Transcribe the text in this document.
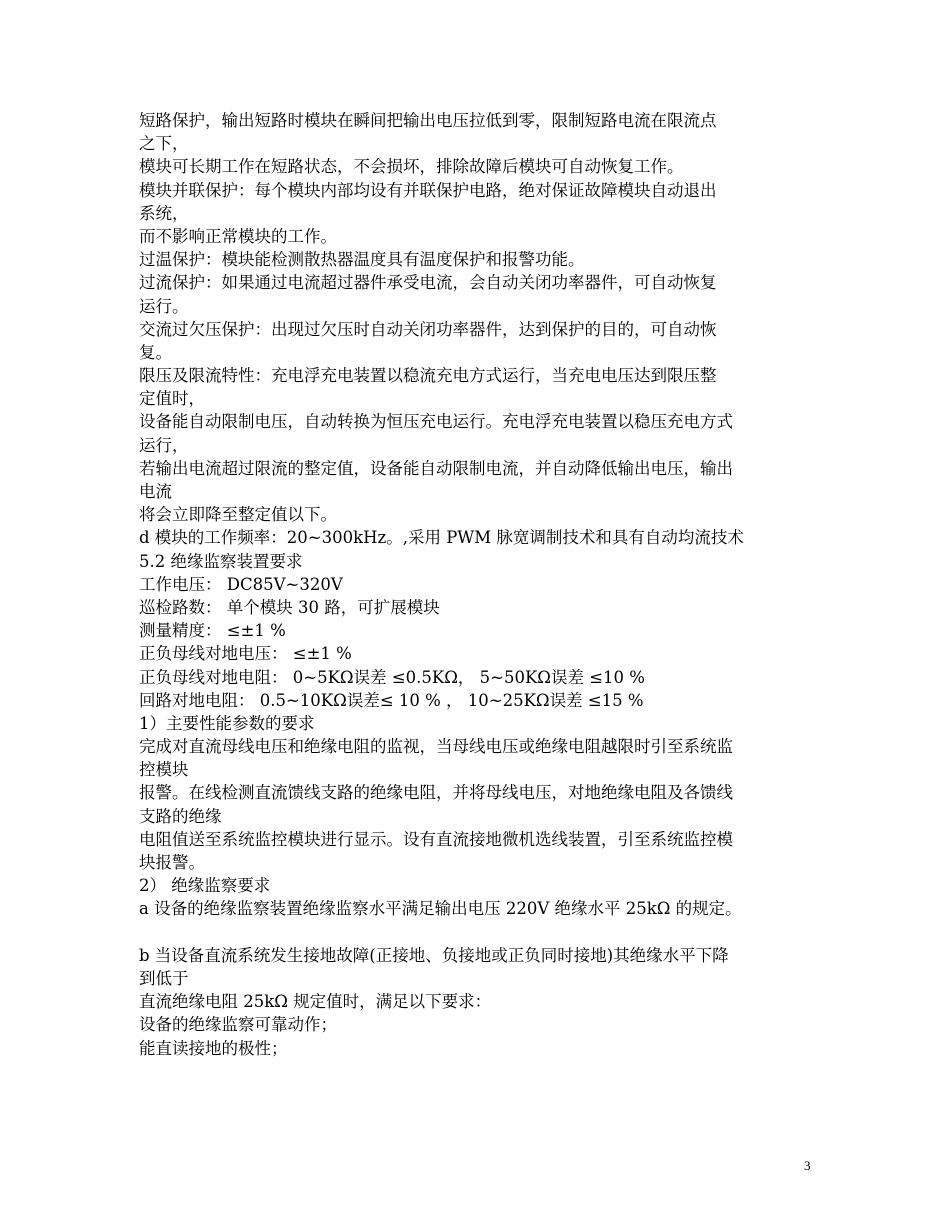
短路保护，输出短路时模块在瞬间把输出电压拉低到零，限制短路电流在限流点
之下，
模块可长期工作在短路状态，不会损坏，排除故障后模块可自动恢复工作。
模块并联保护：每个模块内部均设有并联保护电路，绝对保证故障模块自动退出
系统，
而不影响正常模块的工作。
过温保护：模块能检测散热器温度具有温度保护和报警功能。
过流保护：如果通过电流超过器件承受电流，会自动关闭功率器件，可自动恢复
运行。
交流过欠压保护：出现过欠压时自动关闭功率器件，达到保护的目的，可自动恢
复。
限压及限流特性：充电浮充电装置以稳流充电方式运行，当充电电压达到限压整
定值时，
设备能自动限制电压，自动转换为恒压充电运行。充电浮充电装置以稳压充电方式
运行，
若输出电流超过限流的整定值，设备能自动限制电流，并自动降低输出电压，输出
电流
将会立即降至整定值以下。
d 模块的工作频率：20~300kHz。,采用 PWM 脉宽调制技术和具有自动均流技术
5.2 绝缘监察装置要求
工作电压： DC85V~320V
巡检路数： 单个模块 30 路，可扩展模块
测量精度： ≤±1 %
正负母线对地电压： ≤±1 %
正负母线对地电阻： 0~5KΩ误差 ≤0.5KΩ， 5~50KΩ误差 ≤10 %
回路对地电阻： 0.5~10KΩ误差≤ 10 % ， 10~25KΩ误差 ≤15 %
1）主要性能参数的要求
完成对直流母线电压和绝缘电阻的监视，当母线电压或绝缘电阻越限时引至系统监
控模块
报警。在线检测直流馈线支路的绝缘电阻，并将母线电压，对地绝缘电阻及各馈线
支路的绝缘
电阻值送至系统监控模块进行显示。设有直流接地微机选线装置，引至系统监控模
块报警。
2） 绝缘监察要求
a 设备的绝缘监察装置绝缘监察水平满足输出电压 220V 绝缘水平 25kΩ 的规定。
b 当设备直流系统发生接地故障(正接地、负接地或正负同时接地)其绝缘水平下降
到低于
直流绝缘电阻 25kΩ 规定值时，满足以下要求：
设备的绝缘监察可靠动作；
能直读接地的极性；
3
